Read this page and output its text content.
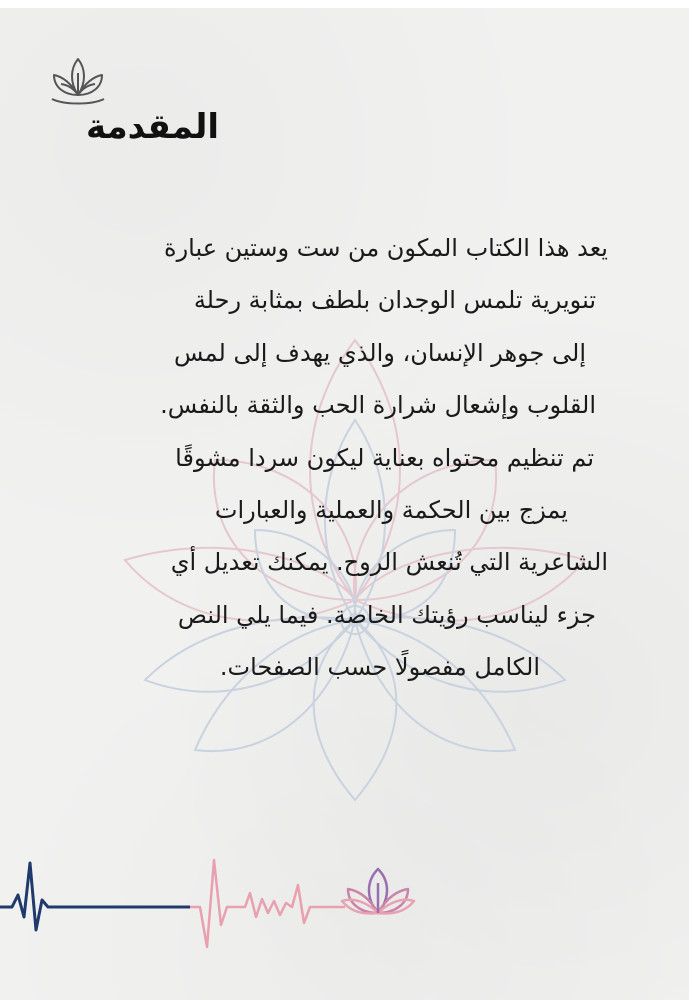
المقدمة
يعد هذا الكتاب المكون من ست وستين عبارة
تنويرية تلمس الوجدان بلطف بمثابة رحلة
إلى جوهر الإنسان، والذي يهدف إلى لمس
القلوب وإشعال شرارة الحب والثقة بالنفس.
تم تنظيم محتواه بعناية ليكون سردا مشوقًا
يمزج بين الحكمة والعملية والعبارات
الشاعرية التي تُنعش الروح. يمكنك تعديل أي
جزء ليناسب رؤيتك الخاصة. فيما يلي النص
الكامل مفصولًا حسب الصفحات.
